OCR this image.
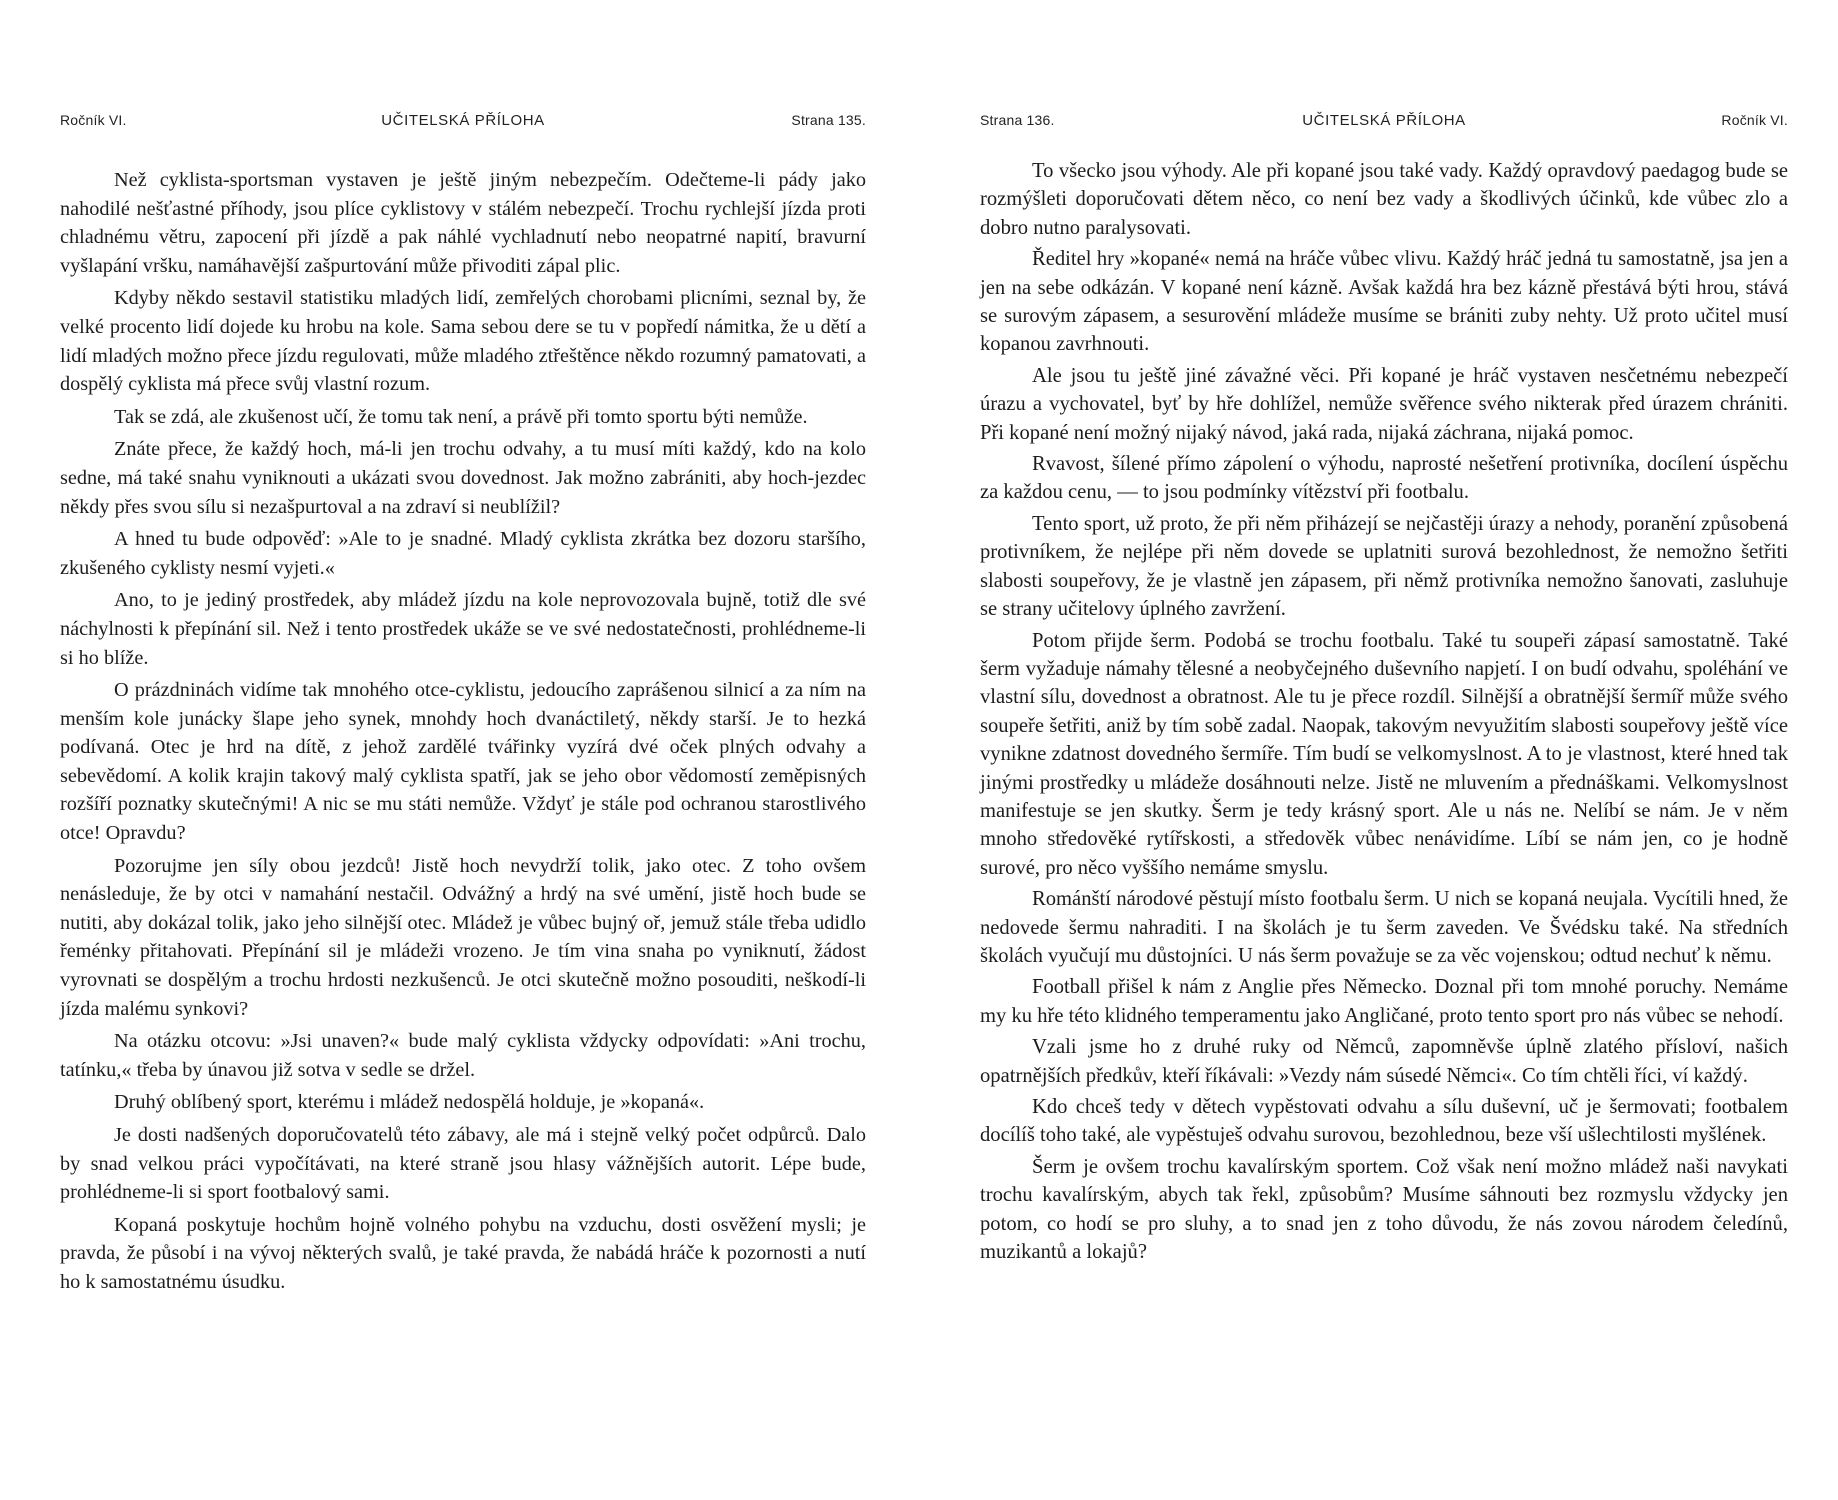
Ročník VI.	UČITELSKÁ PŘÍLOHA	Strana 135.

Než cyklista-sportsman vystaven je ještě jiným nebezpečím. Odečteme-li pády jako nahodilé nešťastné příhody, jsou plíce cyklistovy v stálém nebezpečí. Trochu rychlejší jízda proti chladnému větru, zapocení při jízdě a pak náhlé vychladnutí nebo neopatrné napití, bravurní vyšlapání vršku, namáhavější zašpurtování může přivoditi zápal plic.

Kdyby někdo sestavil statistiku mladých lidí, zemřelých chorobami plicními, seznal by, že velké procento lidí dojede ku hrobu na kole. Sama sebou dere se tu v popředí námitka, že u dětí a lidí mladých možno přece jízdu regulovati, může mladého ztřeštěnce někdo rozumný pamatovati, a dospělý cyklista má přece svůj vlastní rozum.

Tak se zdá, ale zkušenost učí, že tomu tak není, a právě při tomto sportu býti nemůže.

Znáte přece, že každý hoch, má-li jen trochu odvahy, a tu musí míti každý, kdo na kolo sedne, má také snahu vyniknouti a ukázati svou dovednost. Jak možno zabrániti, aby hoch-jezdec někdy přes svou sílu si nezašpurtoval a na zdraví si neublížil?

A hned tu bude odpověď: »Ale to je snadné. Mladý cyklista zkrátka bez dozoru staršího, zkušeného cyklisty nesmí vyjeti.«

Ano, to je jediný prostředek, aby mládež jízdu na kole neprovozovala bujně, totiž dle své náchylnosti k přepínání sil. Než i tento prostředek ukáže se ve své nedostatečnosti, prohlédneme-li si ho blíže.

O prázdninách vidíme tak mnohého otce-cyklistu, jedoucího zaprášenou silnicí a za ním na menším kole junácky šlape jeho synek, mnohdy hoch dvanáctiletý, někdy starší. Je to hezká podívaná. Otec je hrd na dítě, z jehož zardělé tvářinky vyzírá dvé oček plných odvahy a sebevědomí. A kolik krajin takový malý cyklista spatří, jak se jeho obor vědomostí zeměpisných rozšíří poznatky skutečnými! A nic se mu státi nemůže. Vždyť je stále pod ochranou starostlivého otce! Opravdu?

Pozorujme jen síly obou jezdců! Jistě hoch nevydrží tolik, jako otec. Z toho ovšem nenásleduje, že by otci v namahání nestačil. Odvážný a hrdý na své umění, jistě hoch bude se nutiti, aby dokázal tolik, jako jeho silnější otec. Mládež je vůbec bujný oř, jemuž stále třeba udidlo řeménky přitahovati. Přepínání sil je mládeži vrozeno. Je tím vina snaha po vyniknutí, žádost vyrovnati se dospělým a trochu hrdosti nezkušenců. Je otci skutečně možno posouditi, neškodí-li jízda malému synkovi?

Na otázku otcovu: »Jsi unaven?« bude malý cyklista vždycky odpovídati: »Ani trochu, tatínku,« třeba by únavou již sotva v sedle se držel.

Druhý oblíbený sport, kterému i mládež nedospělá holduje, je »kopaná«.

Je dosti nadšených doporučovatelů této zábavy, ale má i stejně velký počet odpůrců. Dalo by snad velkou práci vypočítávati, na které straně jsou hlasy vážnějších autorit. Lépe bude, prohlédneme-li si sport footbalový sami.

Kopaná poskytuje hochům hojně volného pohybu na vzduchu, dosti osvěžení mysli; je pravda, že působí i na vývoj některých svalů, je také pravda, že nabádá hráče k pozornosti a nutí ho k samostatnému úsudku.

Strana 136.	UČITELSKÁ PŘÍLOHA	Ročník VI.

To všecko jsou výhody. Ale při kopané jsou také vady. Každý opravdový paedagog bude se rozmýšleti doporučovati dětem něco, co není bez vady a škodlivých účinků, kde vůbec zlo a dobro nutno paralysovati.

Ředitel hry »kopané« nemá na hráče vůbec vlivu. Každý hráč jedná tu samostatně, jsa jen a jen na sebe odkázán. V kopané není kázně. Avšak každá hra bez kázně přestává býti hrou, stává se surovým zápasem, a sesurovění mládeže musíme se brániti zuby nehty. Už proto učitel musí kopanou zavrhnouti.

Ale jsou tu ještě jiné závažné věci. Při kopané je hráč vystaven nesčetnému nebezpečí úrazu a vychovatel, byť by hře dohlížel, nemůže svěřence svého nikterak před úrazem chrániti. Při kopané není možný nijaký návod, jaká rada, nijaká záchrana, nijaká pomoc.

Rvavost, šílené přímo zápolení o výhodu, naprosté nešetření protivníka, docílení úspěchu za každou cenu, — to jsou podmínky vítězství při footbalu.

Tento sport, už proto, že při něm přiházejí se nejčastěji úrazy a nehody, poranění způsobená protivníkem, že nejlépe při něm dovede se uplatniti surová bezohlednost, že nemožno šetřiti slabosti soupeřovy, že je vlastně jen zápasem, při němž protivníka nemožno šanovati, zasluhuje se strany učitelovy úplného zavržení.

Potom přijde šerm. Podobá se trochu footbalu. Také tu soupeři zápasí samostatně. Také šerm vyžaduje námahy tělesné a neobyčejného duševního napjetí. I on budí odvahu, spoléhání ve vlastní sílu, dovednost a obratnost. Ale tu je přece rozdíl. Silnější a obratnější šermíř může svého soupeře šetřiti, aniž by tím sobě zadal. Naopak, takovým nevyužitím slabosti soupeřovy ještě více vynikne zdatnost dovedného šermíře. Tím budí se velkomyslnost. A to je vlastnost, které hned tak jinými prostředky u mládeže dosáhnouti nelze. Jistě ne mluvením a přednáškami. Velkomyslnost manifestuje se jen skutky. Šerm je tedy krásný sport. Ale u nás ne. Nelíbí se nám. Je v něm mnoho středověké rytířskosti, a středověk vůbec nenávidíme. Líbí se nám jen, co je hodně surové, pro něco vyššího nemáme smyslu.

Románští národové pěstují místo footbalu šerm. U nich se kopaná neujala. Vycítili hned, že nedovede šermu nahraditi. I na školách je tu šerm zaveden. Ve Švédsku také. Na středních školách vyučují mu důstojníci. U nás šerm považuje se za věc vojenskou; odtud nechuť k němu.

Football přišel k nám z Anglie přes Německo. Doznal při tom mnohé poruchy. Nemáme my ku hře této klidného temperamentu jako Angličané, proto tento sport pro nás vůbec se nehodí.

Vzali jsme ho z druhé ruky od Němců, zapomněvše úplně zlatého přísloví, našich opatrnějších předkův, kteří říkávali: »Vezdy nám súsedé Němci«. Co tím chtěli říci, ví každý.

Kdo chceš tedy v dětech vypěstovati odvahu a sílu duševní, uč je šermovati; footbalem docílíš toho také, ale vypěstuješ odvahu surovou, bezohlednou, beze vší ušlechtilosti myšlének.

Šerm je ovšem trochu kavalírským sportem. Což však není možno mládež naši navykati trochu kavalírským, abych tak řekl, způsobům? Musíme sáhnouti bez rozmyslu vždycky jen potom, co hodí se pro sluhy, a to snad jen z toho důvodu, že nás zovou národem čeledínů, muzikantů a lokajů?
